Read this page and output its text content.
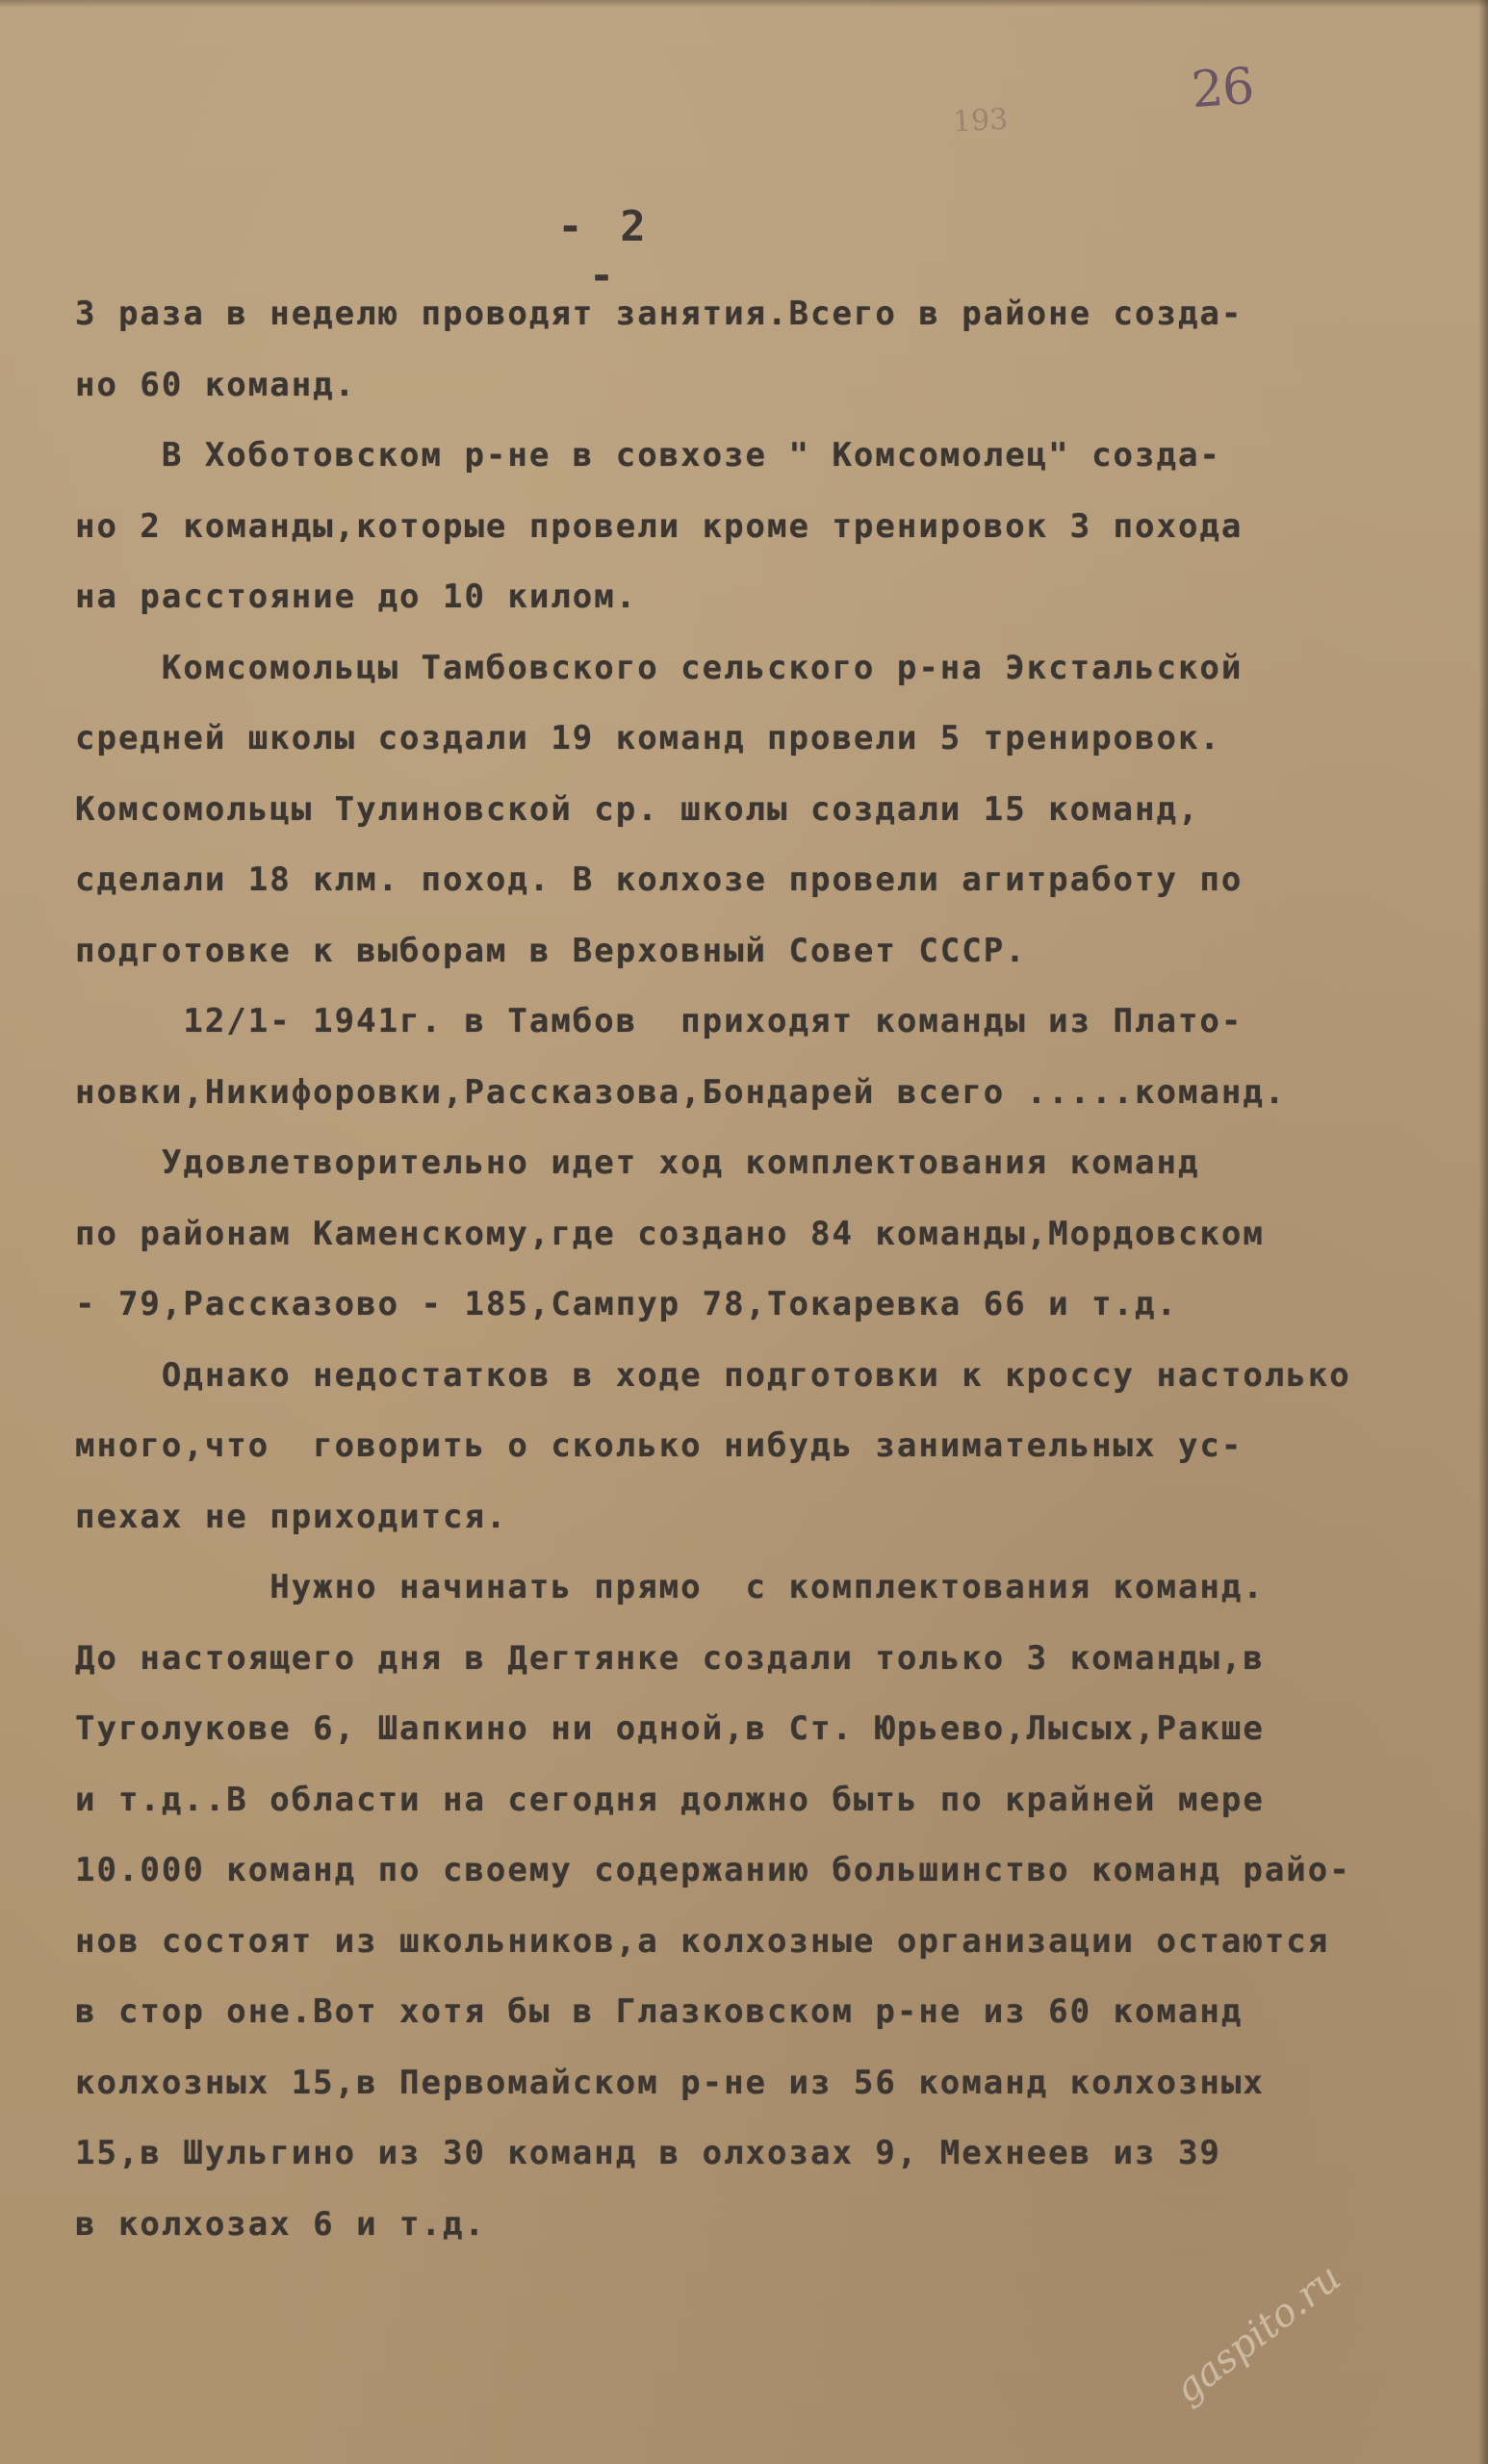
193
26
- 2 -
3 раза в неделю проводят занятия.Всего в районе созда-
но 60 команд.
В Хоботовском р-не в совхозе " Комсомолец" созда-
но 2 команды,которые провели кроме тренировок 3 похода
на расстояние до 10 килом.
Комсомольцы Тамбовского сельского р-на Экстальской
средней школы создали 19 команд провели 5 тренировок.
Комсомольцы Тулиновской ср. школы создали 15 команд,
сделали 18 клм. поход. В колхозе провели агитработу по
подготовке к выборам в Верховный Совет СССР.
12/1- 1941г. в Тамбов  приходят команды из Плато-
новки,Никифоровки,Рассказова,Бондарей всего .....команд.
Удовлетворительно идет ход комплектования команд
по районам Каменскому,где создано 84 команды,Мордовском
- 79,Рассказово - 185,Сампур 78,Токаревка 66 и т.д.
Однако недостатков в ходе подготовки к кроссу настолько
много,что  говорить о сколько нибудь занимательных ус-
пехах не приходится.
Нужно начинать прямо  с комплектования команд.
До настоящего дня в Дегтянке создали только 3 команды,в
Туголукове 6, Шапкино ни одной,в Ст. Юрьево,Лысых,Ракше
и т.д..В области на сегодня должно быть по крайней мере
10.000 команд по своему содержанию большинство команд райо-
нов состоят из школьников,а колхозные организации остаются
в стор оне.Вот хотя бы в Глазковском р-не из 60 команд
колхозных 15,в Первомайском р-не из 56 команд колхозных
15,в Шульгино из 30 команд в олхозах 9, Мехнеев из 39
в колхозах 6 и т.д.
gaspito.ru
